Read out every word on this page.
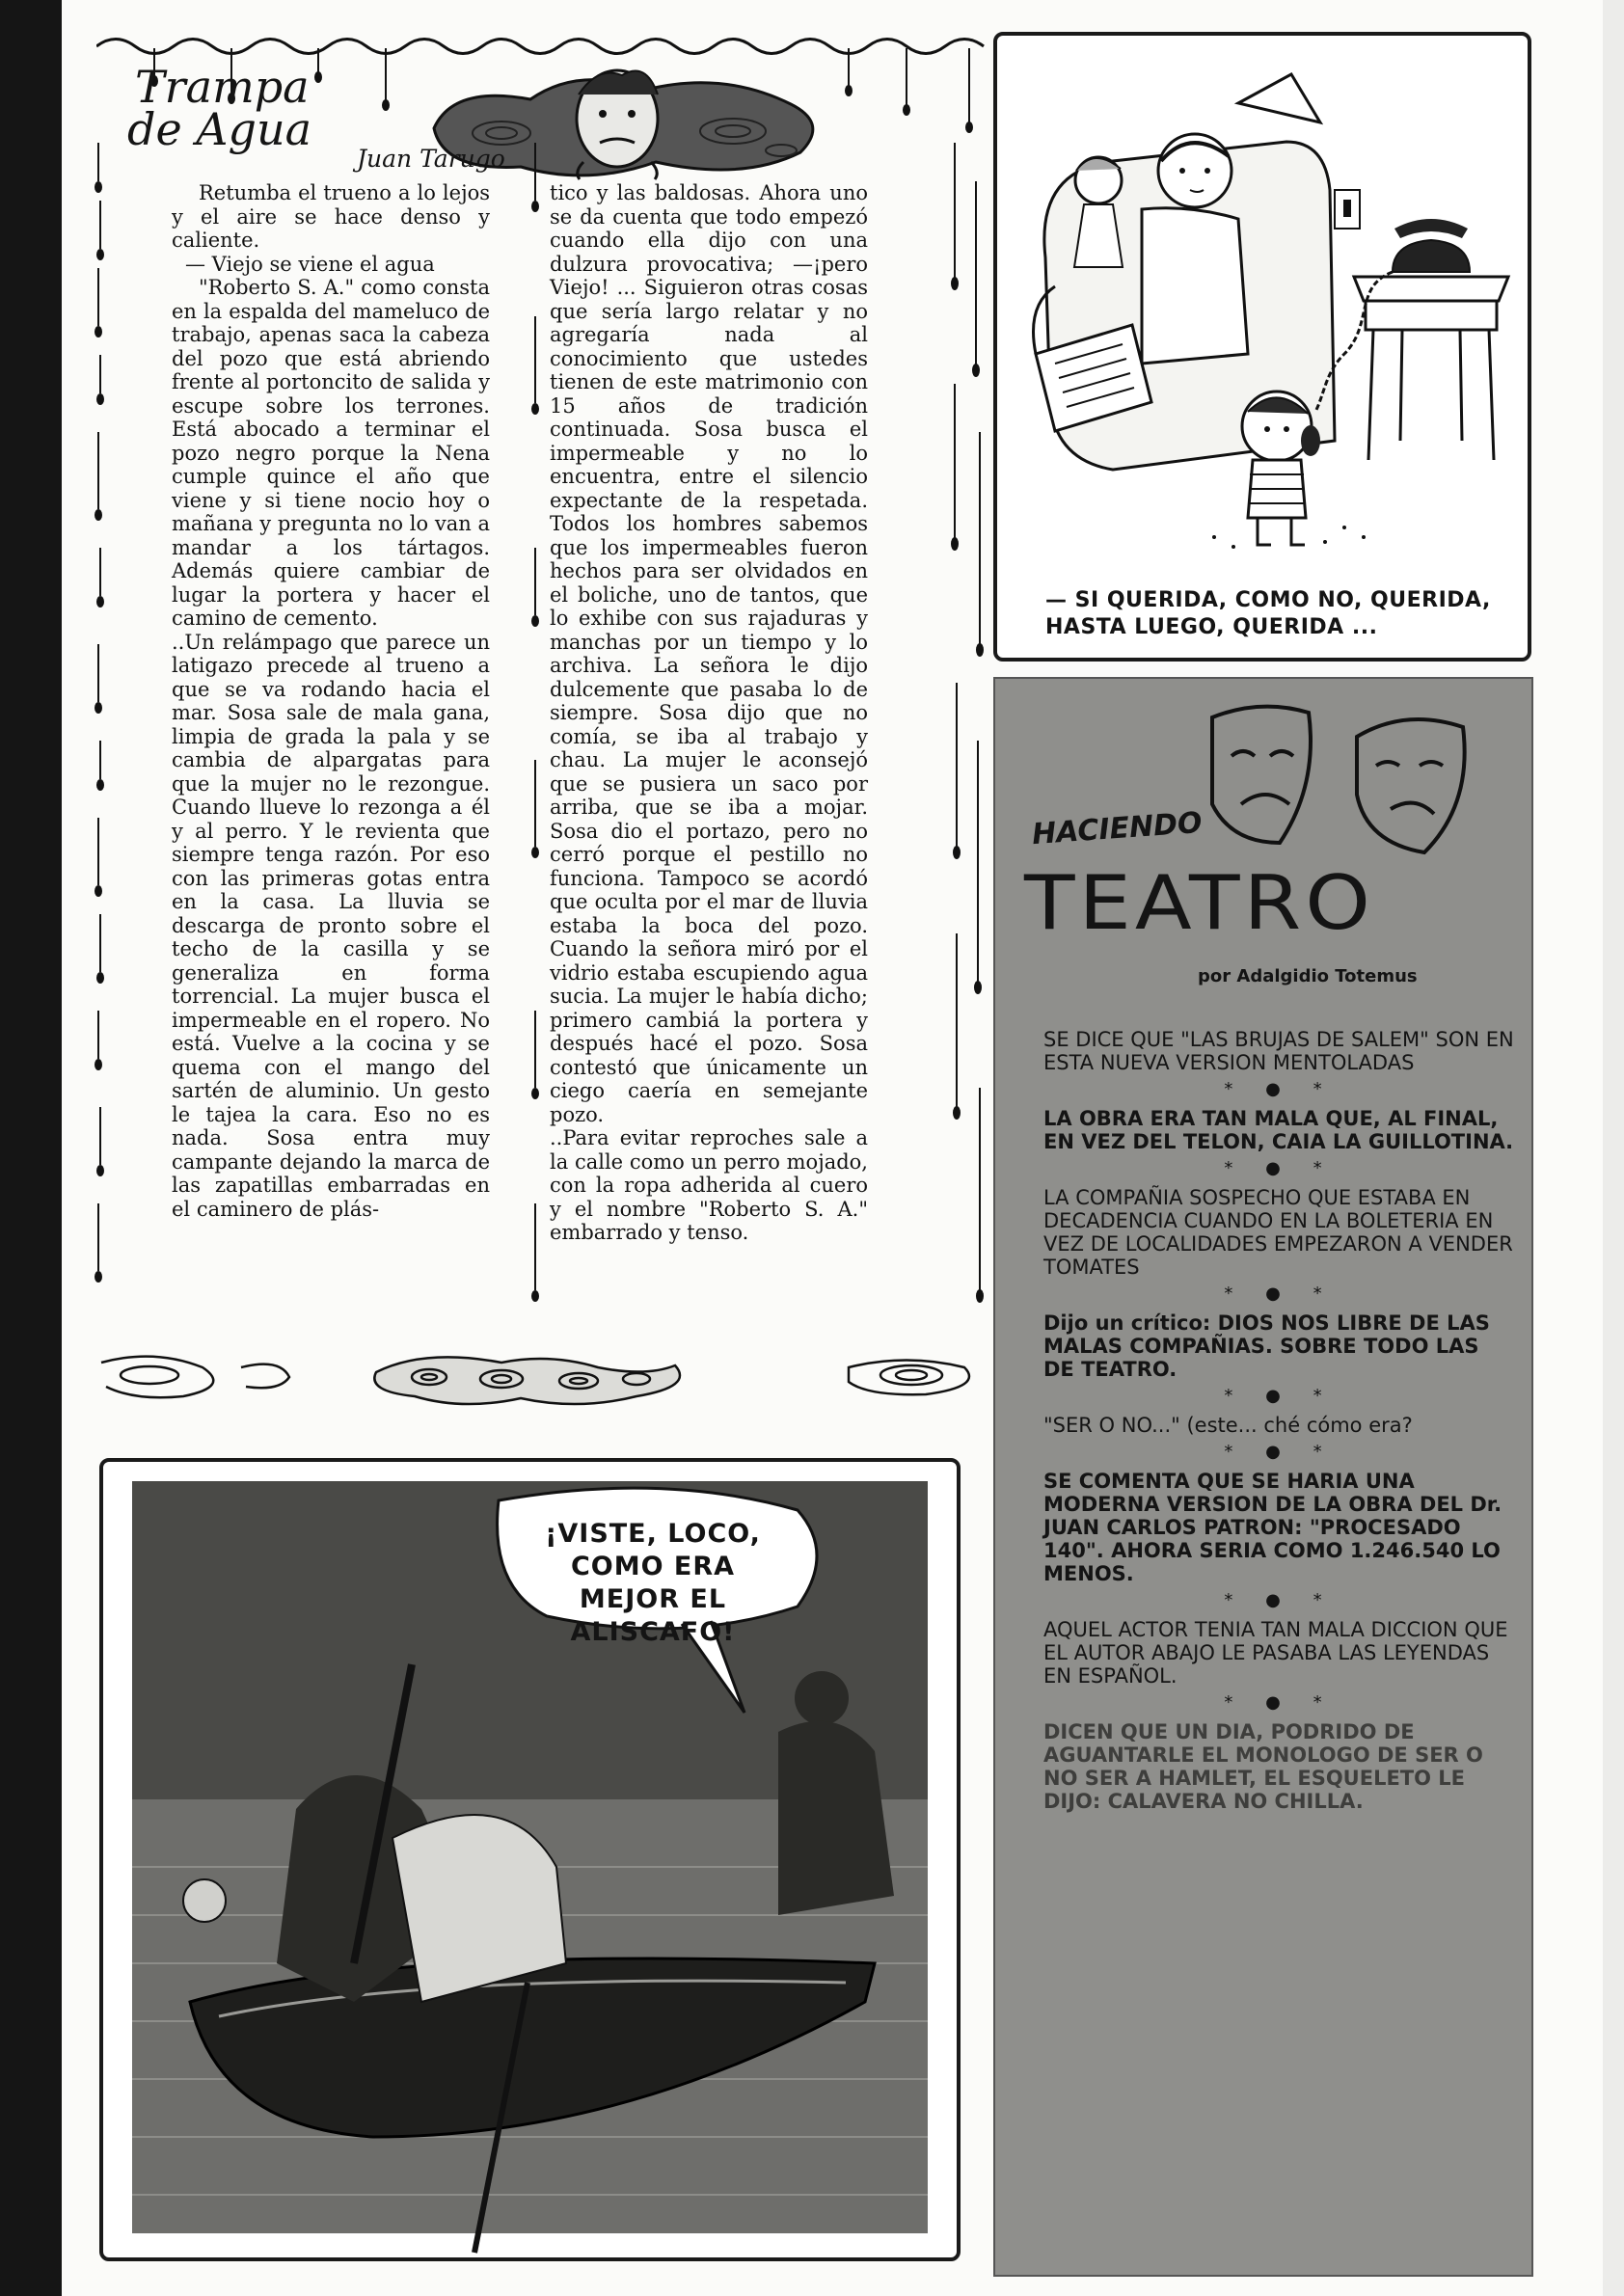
Trampa
de Agua
Juan Tarugo

Retumba el trueno a lo lejos y el aire se hace denso y caliente.

— Viejo se viene el agua

"Roberto S. A." como consta en la espalda del mameluco de trabajo, apenas saca la cabeza del pozo que está abriendo frente al portoncito de salida y escupe sobre los terrones. Está abocado a terminar el pozo negro porque la Nena cumple quince el año que viene y si tiene nocio hoy o mañana y pregunta no lo van a mandar a los tártagos. Además quiere cambiar de lugar la portera y hacer el camino de cemento.

..Un relámpago que parece un latigazo precede al trueno a que se va rodando hacia el mar. Sosa sale de mala gana, limpia de grada la pala y se cambia de alpargatas para que la mujer no le rezongue. Cuando llueve lo rezonga a él y al perro. Y le revienta que siempre tenga razón. Por eso con las primeras gotas entra en la casa. La lluvia se descarga de pronto sobre el techo de la casilla y se generaliza en forma torrencial. La mujer busca el impermeable en el ropero. No está. Vuelve a la cocina y se quema con el mango del sartén de aluminio. Un gesto le tajea la cara. Eso no es nada. Sosa entra muy campante dejando la marca de las zapatillas embarradas en el caminero de plás-

tico y las baldosas. Ahora uno se da cuenta que todo empezó cuando ella dijo con una dulzura provocativa; —¡pero Viejo! ... Siguieron otras cosas que sería largo relatar y no agregaría nada al conocimiento que ustedes tienen de este matrimonio con 15 años de tradición continuada. Sosa busca el impermeable y no lo encuentra, entre el silencio expectante de la respetada. Todos los hombres sabemos que los impermeables fueron hechos para ser olvidados en el boliche, uno de tantos, que lo exhibe con sus rajaduras y manchas por un tiempo y lo archiva. La señora le dijo dulcemente que pasaba lo de siempre. Sosa dijo que no comía, se iba al trabajo y chau. La mujer le aconsejó que se pusiera un saco por arriba, que se iba a mojar. Sosa dio el portazo, pero no cerró porque el pestillo no funciona. Tampoco se acordó que oculta por el mar de lluvia estaba la boca del pozo. Cuando la señora miró por el vidrio estaba escupiendo agua sucia. La mujer le había dicho; primero cambiá la portera y después hacé el pozo. Sosa contestó que únicamente un ciego caería en semejante pozo.

..Para evitar reproches sale a la calle como un perro mojado, con la ropa adherida al cuero y el nombre "Roberto S. A." embarrado y tenso.

— SI QUERIDA, COMO NO, QUERIDA, HASTA LUEGO, QUERIDA ...
¡VISTE, LOCO, COMO ERA MEJOR EL ALISCAFO!
HACIENDO
TEATRO
por Adalgidio Totemus

SE DICE QUE "LAS BRUJAS DE SALEM" SON EN ESTA NUEVA VERSION MENTOLADAS

* ● *

LA OBRA ERA TAN MALA QUE, AL FINAL, EN VEZ DEL TELON, CAIA LA GUILLOTINA.

* ● *

LA COMPAÑIA SOSPECHO QUE ESTABA EN DECADENCIA CUANDO EN LA BOLETERIA EN VEZ DE LOCALIDADES EMPEZARON A VENDER TOMATES

* ● *

Dijo un crítico: DIOS NOS LIBRE DE LAS MALAS COMPAÑIAS. SOBRE TODO LAS DE TEATRO.

* ● *

"SER O NO..." (este... ché cómo era?

* ● *

SE COMENTA QUE SE HARIA UNA MODERNA VERSION DE LA OBRA DEL Dr. JUAN CARLOS PATRON: "PROCESADO 140". AHORA SERIA COMO 1.246.540 LO MENOS.

* ● *

AQUEL ACTOR TENIA TAN MALA DICCION QUE EL AUTOR ABAJO LE PASABA LAS LEYENDAS EN ESPAÑOL.

* ● *

DICEN QUE UN DIA, PODRIDO DE AGUANTARLE EL MONOLOGO DE SER O NO SER A HAMLET, EL ESQUELETO LE DIJO: CALAVERA NO CHILLA.
